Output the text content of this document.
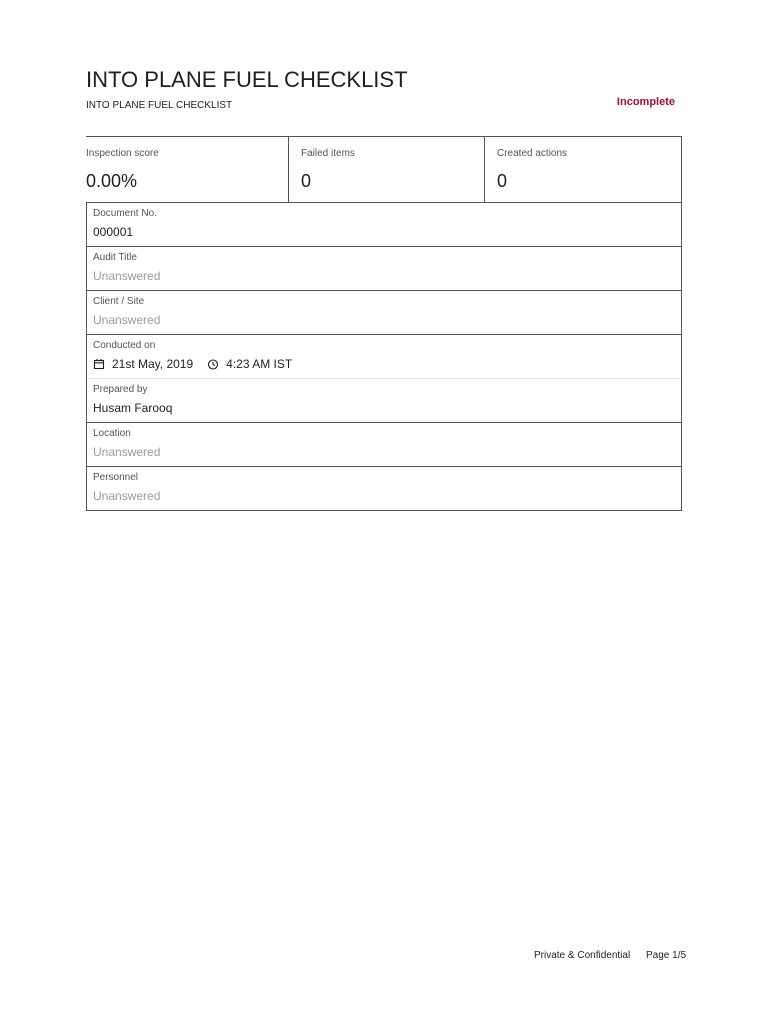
INTO PLANE FUEL CHECKLIST
INTO PLANE FUEL CHECKLIST	Incomplete
Inspection score
0.00%
Failed items
0
Created actions
0
Document No.
000001
Audit Title
Unanswered
Client / Site
Unanswered
Conducted on
21st May, 2019	4:23 AM IST
Prepared by
Husam Farooq
Location
Unanswered
Personnel
Unanswered
Private & Confidential Page 1/5
